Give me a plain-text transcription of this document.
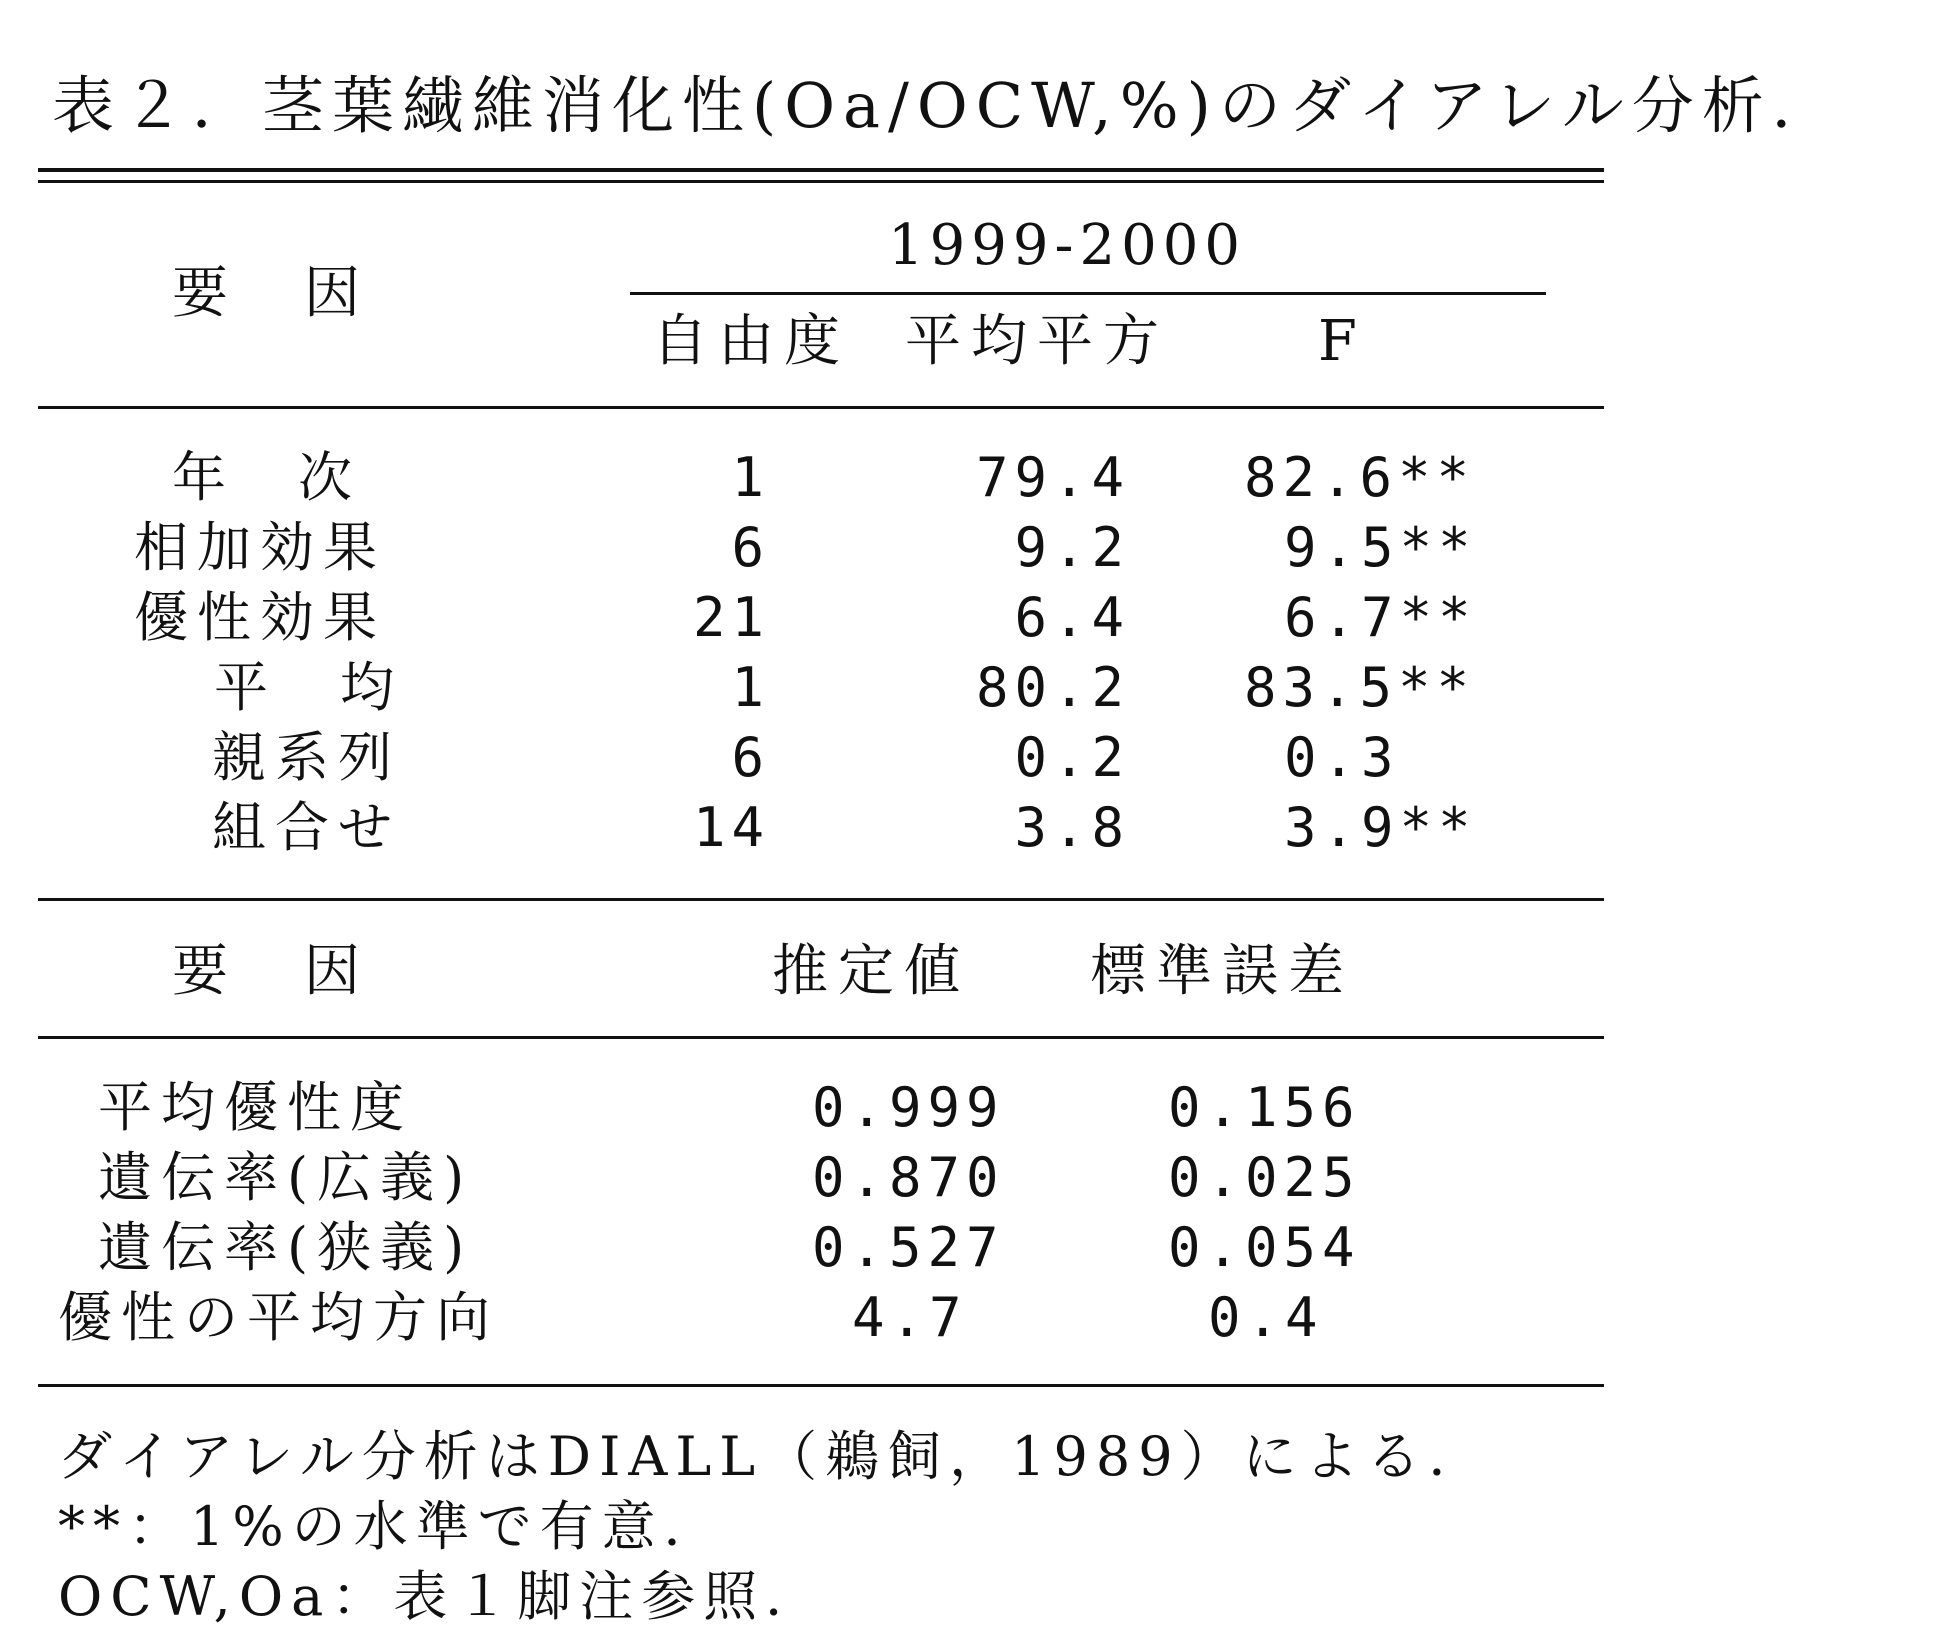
表２．茎葉繊維消化性(Oa/OCW,%)のダイアレル分析．
要　因
1999-2000
自由度 平均平方	F
年　次	1	79.4 82.6**
相加効果	6	9.2	9.5**
優性効果	21	6.4	6.7**
平　均	1	80.2 83.5**
親系列	6	0.2	0.3
組合せ	14	3.8	3.9**
要　因	推定値 標準誤差
平均優性度	0.999	0.156
遺伝率(広義)	0.870	0.025
遺伝率(狭義)	0.527	0.054
優性の平均方向	4.7	0.4
ダイアレル分析はDIALL（鵜飼，1989）による．
**：1%の水準で有意．
OCW,Oa：表１脚注参照．
